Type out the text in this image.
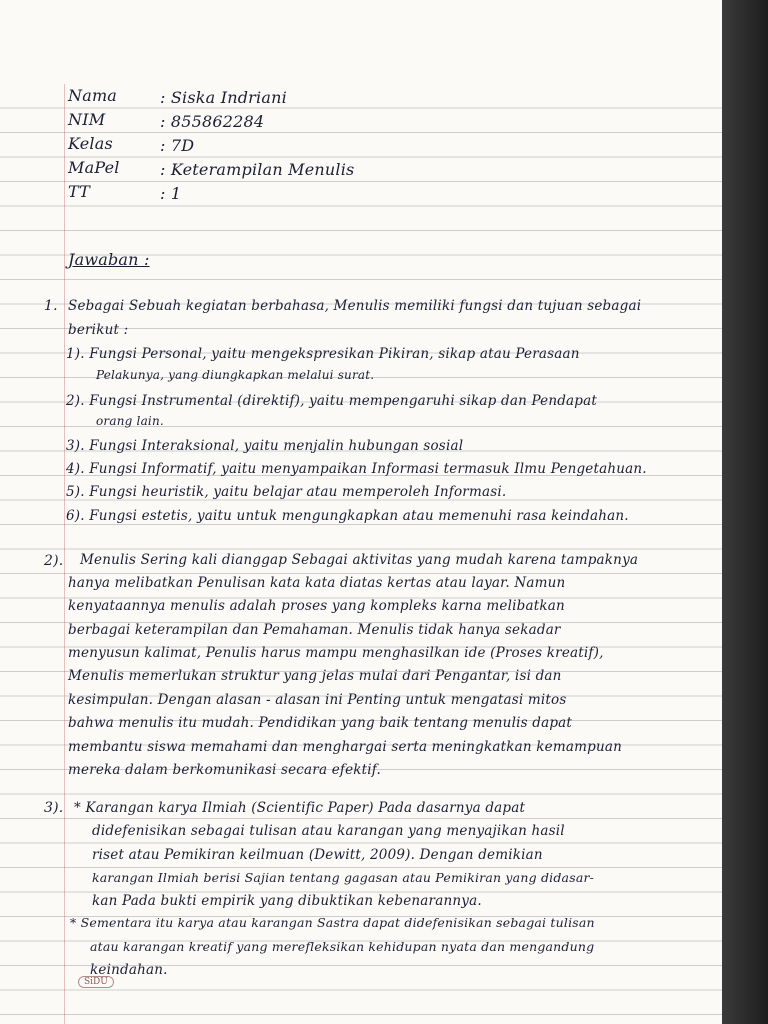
Nama	: Siska Indriani
NIM	: 855862284
Kelas	: 7D
MaPel	: Keterampilan Menulis
TT	: 1
Jawaban :
1. Sebagai Sebuah kegiatan berbahasa, Menulis memiliki fungsi dan tujuan sebagai
berikut :
1). Fungsi Personal, yaitu mengekspresikan Pikiran, sikap atau Perasaan
Pelakunya, yang diungkapkan melalui surat.
2). Fungsi Instrumental (direktif), yaitu mempengaruhi sikap dan Pendapat
orang lain.
3). Fungsi Interaksional, yaitu menjalin hubungan sosial
4). Fungsi Informatif, yaitu menyampaikan Informasi termasuk Ilmu Pengetahuan.
5). Fungsi heuristik, yaitu belajar atau memperoleh Informasi.
6). Fungsi estetis, yaitu untuk mengungkapkan atau memenuhi rasa keindahan.
2). Menulis Sering kali dianggap Sebagai aktivitas yang mudah karena tampaknya
hanya melibatkan Penulisan kata kata diatas kertas atau layar. Namun
kenyataannya menulis adalah proses yang kompleks karna melibatkan
berbagai keterampilan dan Pemahaman. Menulis tidak hanya sekadar
menyusun kalimat, Penulis harus mampu menghasilkan ide (Proses kreatif),
Menulis memerlukan struktur yang jelas mulai dari Pengantar, isi dan
kesimpulan. Dengan alasan - alasan ini Penting untuk mengatasi mitos
bahwa menulis itu mudah. Pendidikan yang baik tentang menulis dapat
membantu siswa memahami dan menghargai serta meningkatkan kemampuan
mereka dalam berkomunikasi secara efektif.
3). * Karangan karya Ilmiah (Scientific Paper) Pada dasarnya dapat
didefenisikan sebagai tulisan atau karangan yang menyajikan hasil
riset atau Pemikiran keilmuan (Dewitt, 2009). Dengan demikian
karangan Ilmiah berisi Sajian tentang gagasan atau Pemikiran yang didasar-
kan Pada bukti empirik yang dibuktikan kebenarannya.
* Sementara itu karya atau karangan Sastra dapat didefenisikan sebagai tulisan
atau karangan kreatif yang merefleksikan kehidupan nyata dan mengandung
keindahan.
SiDU
